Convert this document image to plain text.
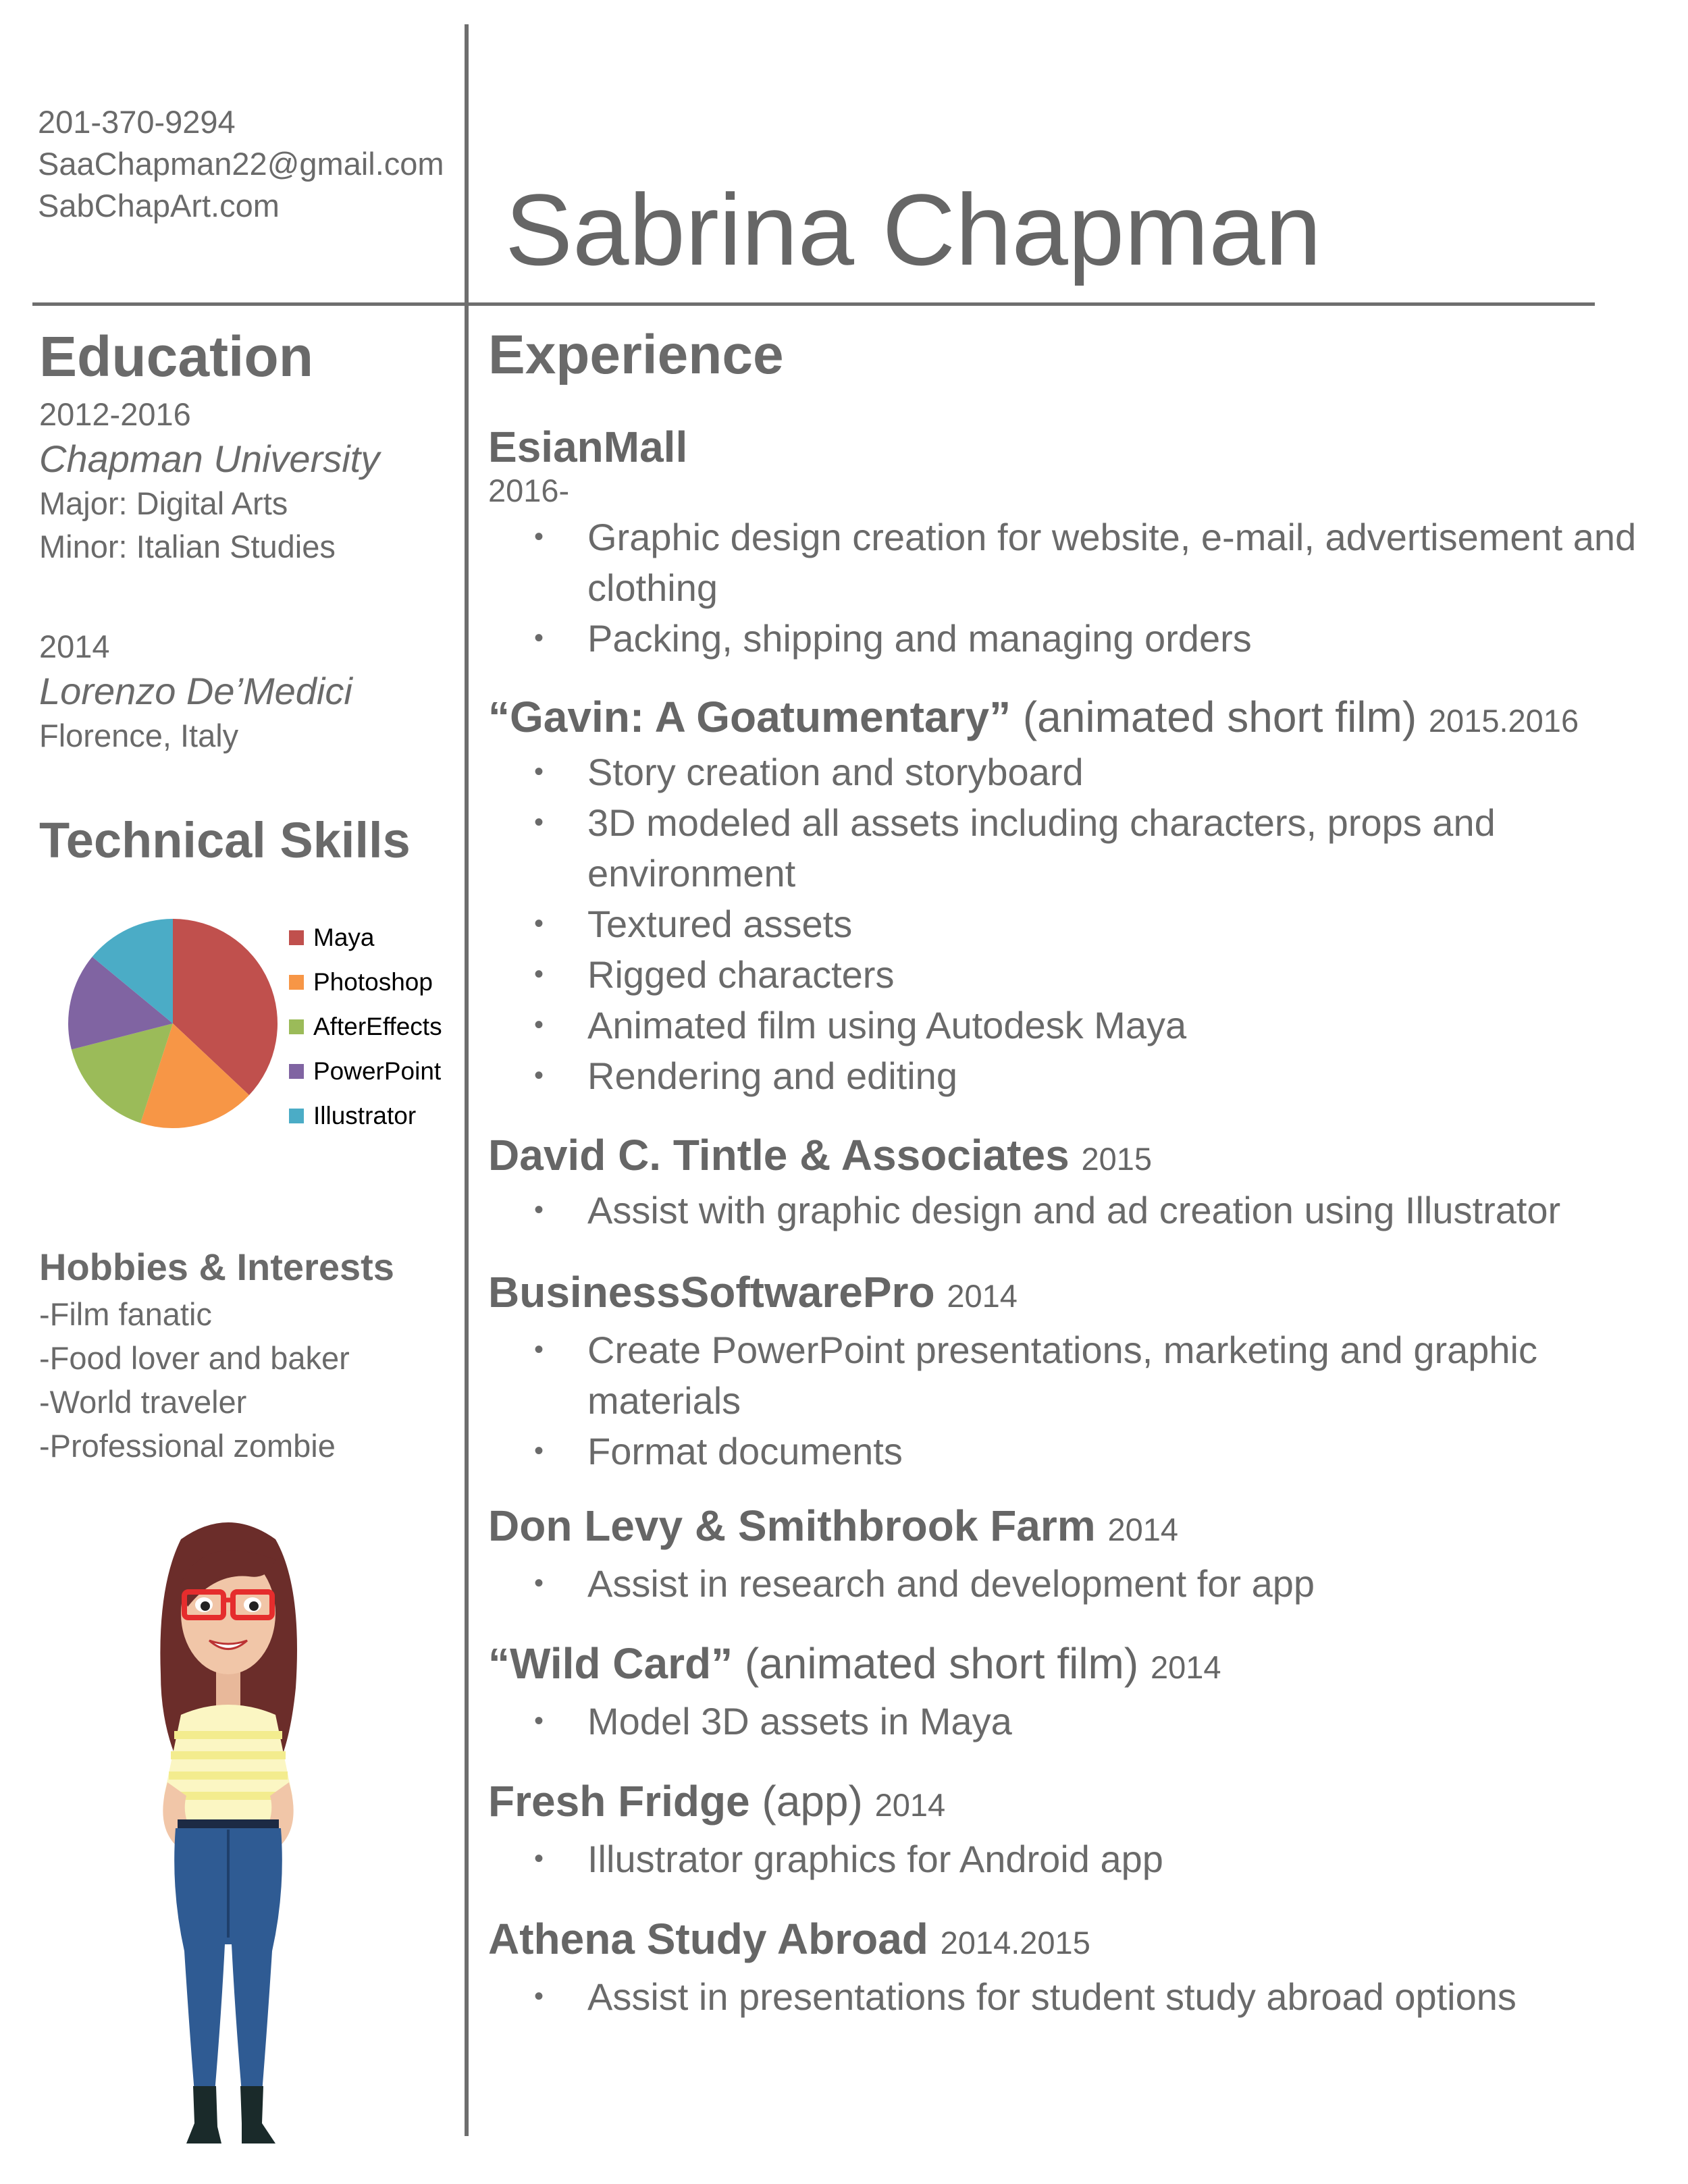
201-370-9294
SaaChapman22@gmail.com
SabChapArt.com	Sabrina Chapman
Education
2012-2016
Chapman University
Major: Digital Arts
Minor: Italian Studies
2014
Lorenzo De’Medici
Florence, Italy
Technical Skills
Maya
Photoshop
AfterEffects
PowerPoint
Illustrator
Hobbies & Interests
-Film fanatic
-Food lover and baker
-World traveler
-Professional zombie
Experience
EsianMall
2016-
• Graphic design creation for website, e-mail, advertisement and
clothing
• Packing, shipping and managing orders
“Gavin: A Goatumentary” (animated short film) 2015.2016
• Story creation and storyboard
• 3D modeled all assets including characters, props and
environment
• Textured assets
• Rigged characters
• Animated film using Autodesk Maya
• Rendering and editing
David C. Tintle & Associates 2015
• Assist with graphic design and ad creation using Illustrator
BusinessSoftwarePro 2014
• Create PowerPoint presentations, marketing and graphic
materials
• Format documents
Don Levy & Smithbrook Farm 2014
• Assist in research and development for app
“Wild Card” (animated short film) 2014
• Model 3D assets in Maya
Fresh Fridge (app) 2014
• Illustrator graphics for Android app
Athena Study Abroad 2014.2015
• Assist in presentations for student study abroad options
